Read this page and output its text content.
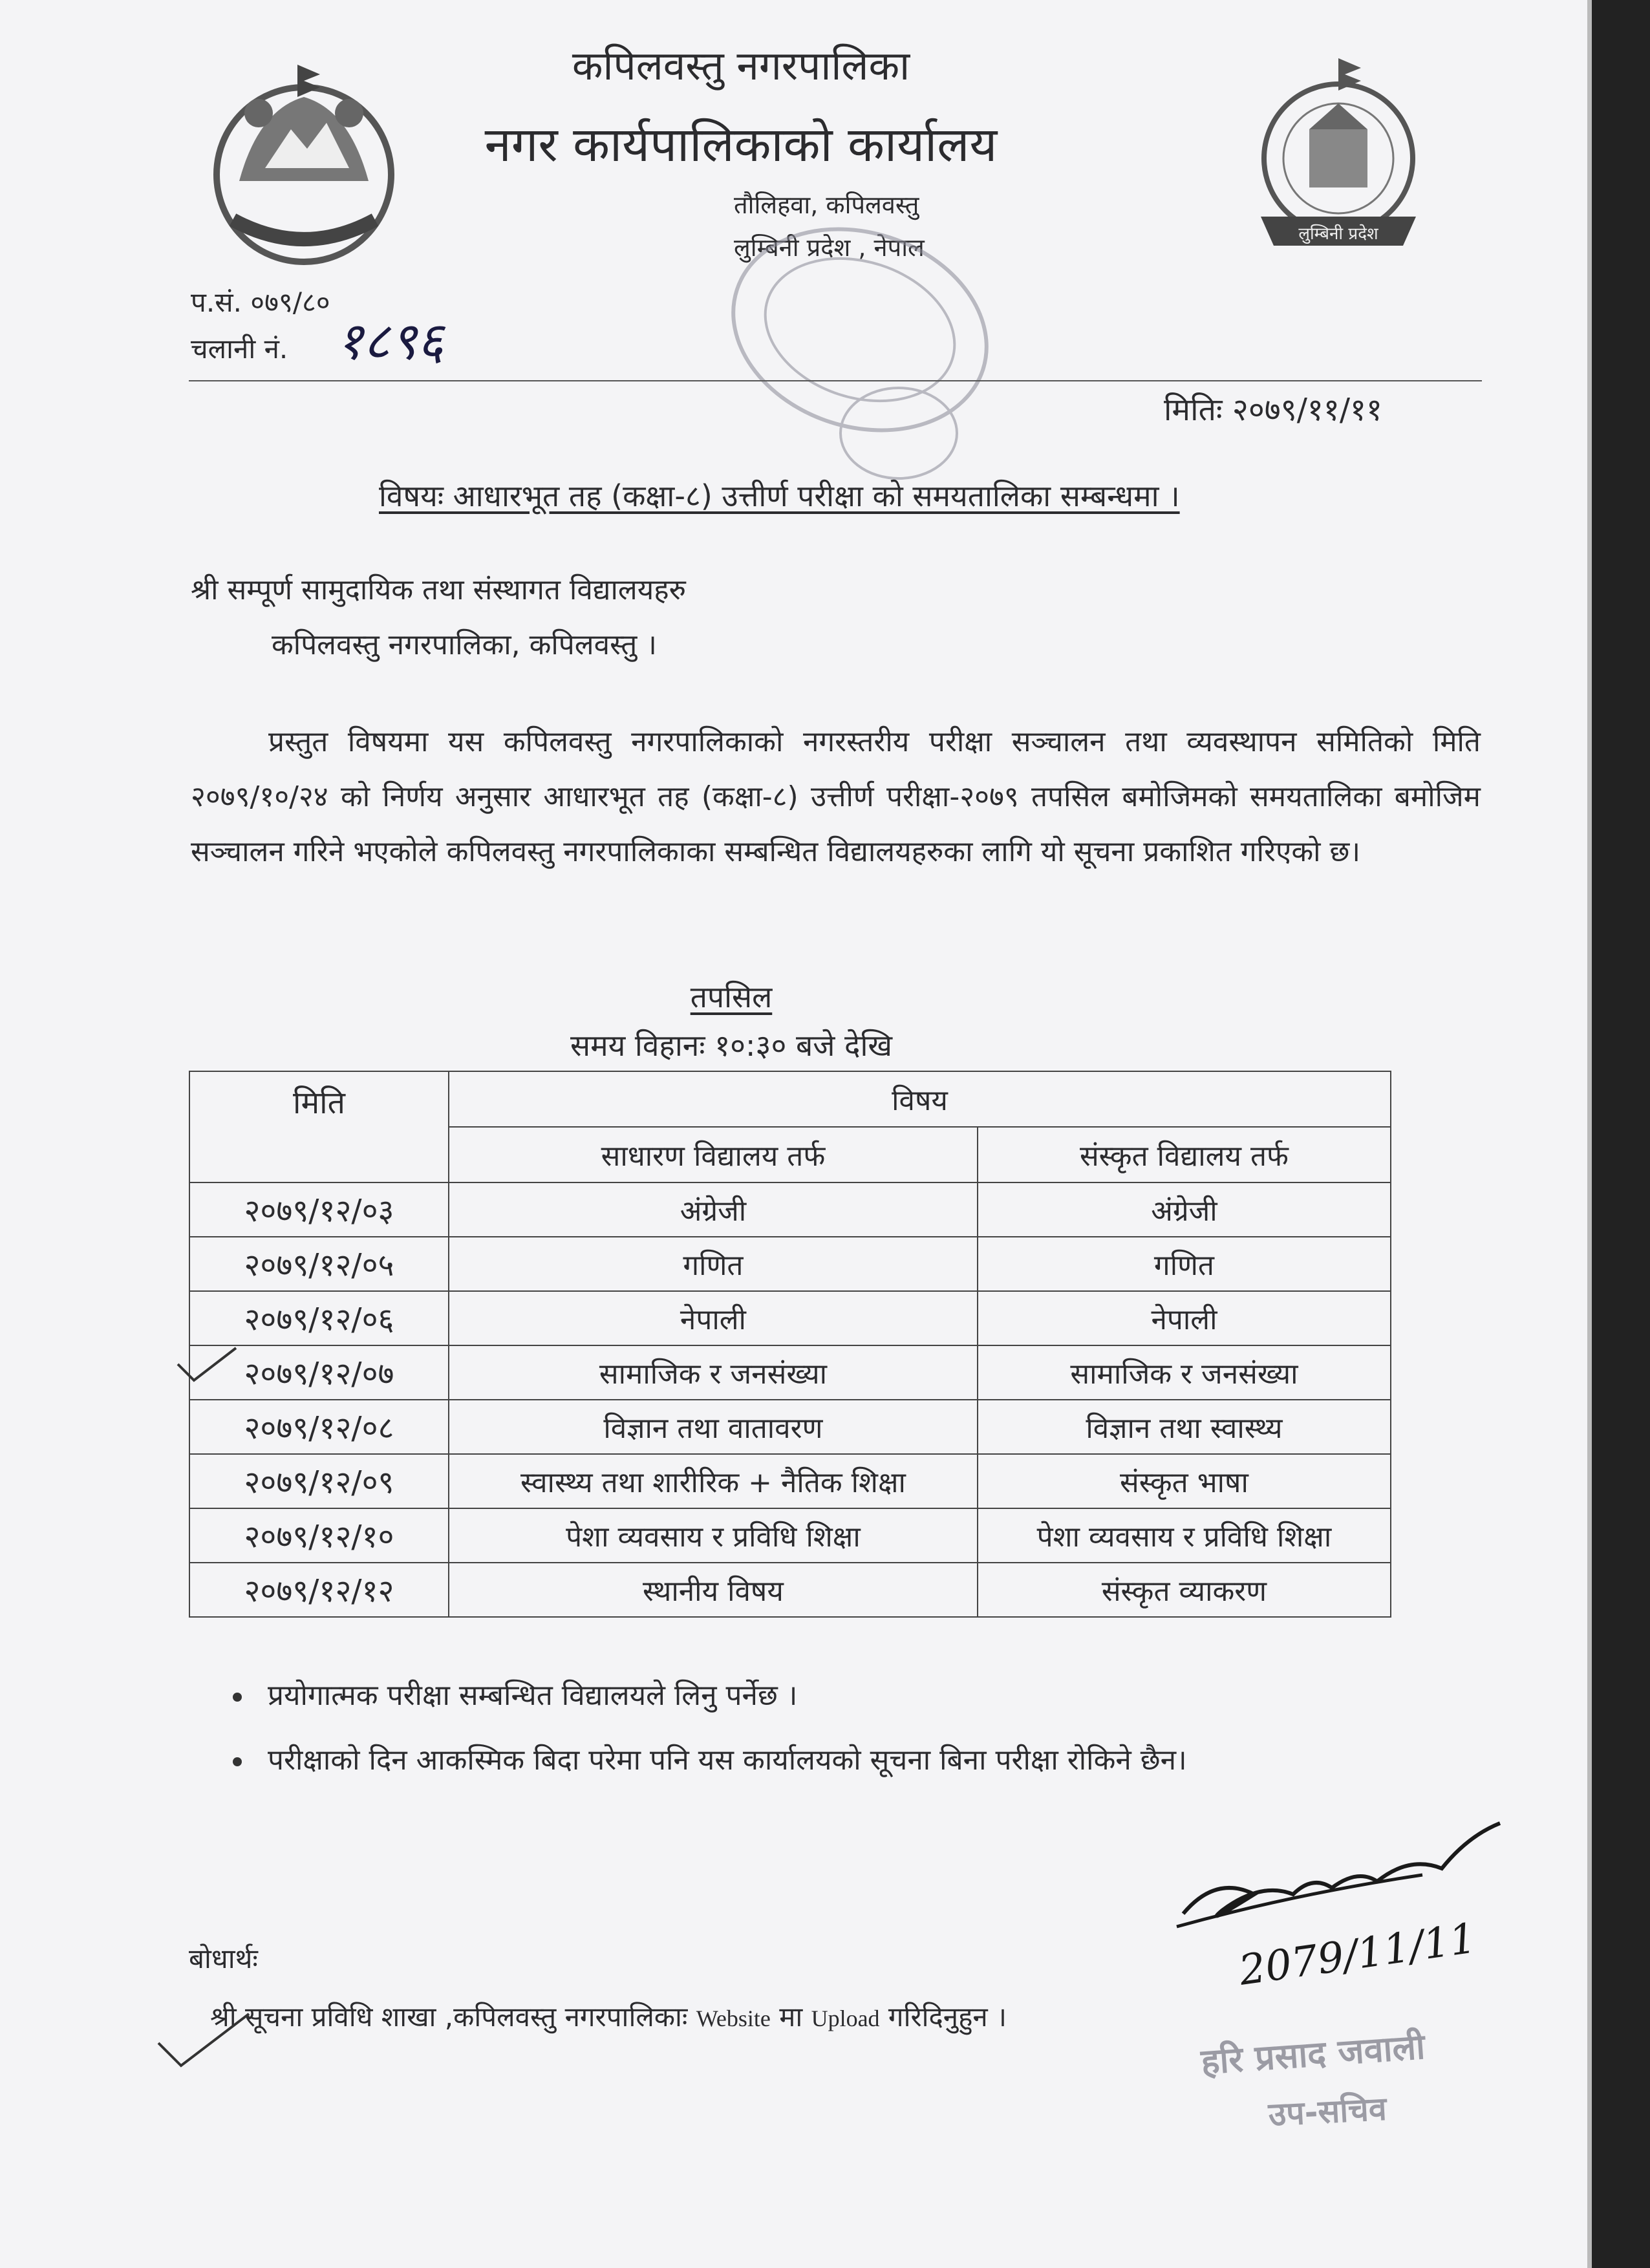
कपिलवस्तु नगरपालिका
नगर कार्यपालिकाको कार्यालय
तौलिहवा, कपिलवस्तु
लुम्बिनी प्रदेश , नेपाल	लुम्बिनी प्रदेश
प.सं. ०७९/८०
चलानी नं. १८९६
मितिः २०७९/११/११
विषयः आधारभूत तह (कक्षा-८) उत्तीर्ण परीक्षा को समयतालिका सम्बन्धमा ।
श्री सम्पूर्ण सामुदायिक तथा संस्थागत विद्यालयहरु
कपिलवस्तु नगरपालिका, कपिलवस्तु ।
प्रस्तुत विषयमा यस कपिलवस्तु नगरपालिकाको नगरस्तरीय परीक्षा सञ्चालन तथा व्यवस्थापन समितिको मिति २०७९/१०/२४ को निर्णय अनुसार आधारभूत तह (कक्षा-८) उत्तीर्ण परीक्षा-२०७९ तपसिल बमोजिमको समयतालिका बमोजिम सञ्चालन गरिने भएकोले कपिलवस्तु नगरपालिकाका सम्बन्धित विद्यालयहरुका लागि यो सूचना प्रकाशित गरिएको छ।
तपसिल
समय विहानः १०:३० बजे देखि
मिति	विषय	
	साधारण विद्यालय तर्फ	संस्कृत विद्यालय तर्फ
२०७९/१२/०३	अंग्रेजी	अंग्रेजी
२०७९/१२/०५	गणित	गणित
२०७९/१२/०६	नेपाली	नेपाली
२०७९/१२/०७	सामाजिक र जनसंख्या	सामाजिक र जनसंख्या
२०७९/१२/०८	विज्ञान तथा वातावरण	विज्ञान तथा स्वास्थ्य
२०७९/१२/०९	स्वास्थ्य तथा शारीरिक + नैतिक शिक्षा	संस्कृत भाषा
२०७९/१२/१०	पेशा व्यवसाय र प्रविधि शिक्षा	पेशा व्यवसाय र प्रविधि शिक्षा
२०७९/१२/१२	स्थानीय विषय	संस्कृत व्याकरण
प्रयोगात्मक परीक्षा सम्बन्धित विद्यालयले लिनु पर्नेछ ।
परीक्षाको दिन आकस्मिक बिदा परेमा पनि यस कार्यालयको सूचना बिना परीक्षा रोकिने छैन।
2079/11/11
हरि प्रसाद जवाली
उप-सचिव
बोधार्थः
श्री सूचना प्रविधि शाखा ,कपिलवस्तु नगरपालिकाः Website मा Upload गरिदिनुहुन ।
